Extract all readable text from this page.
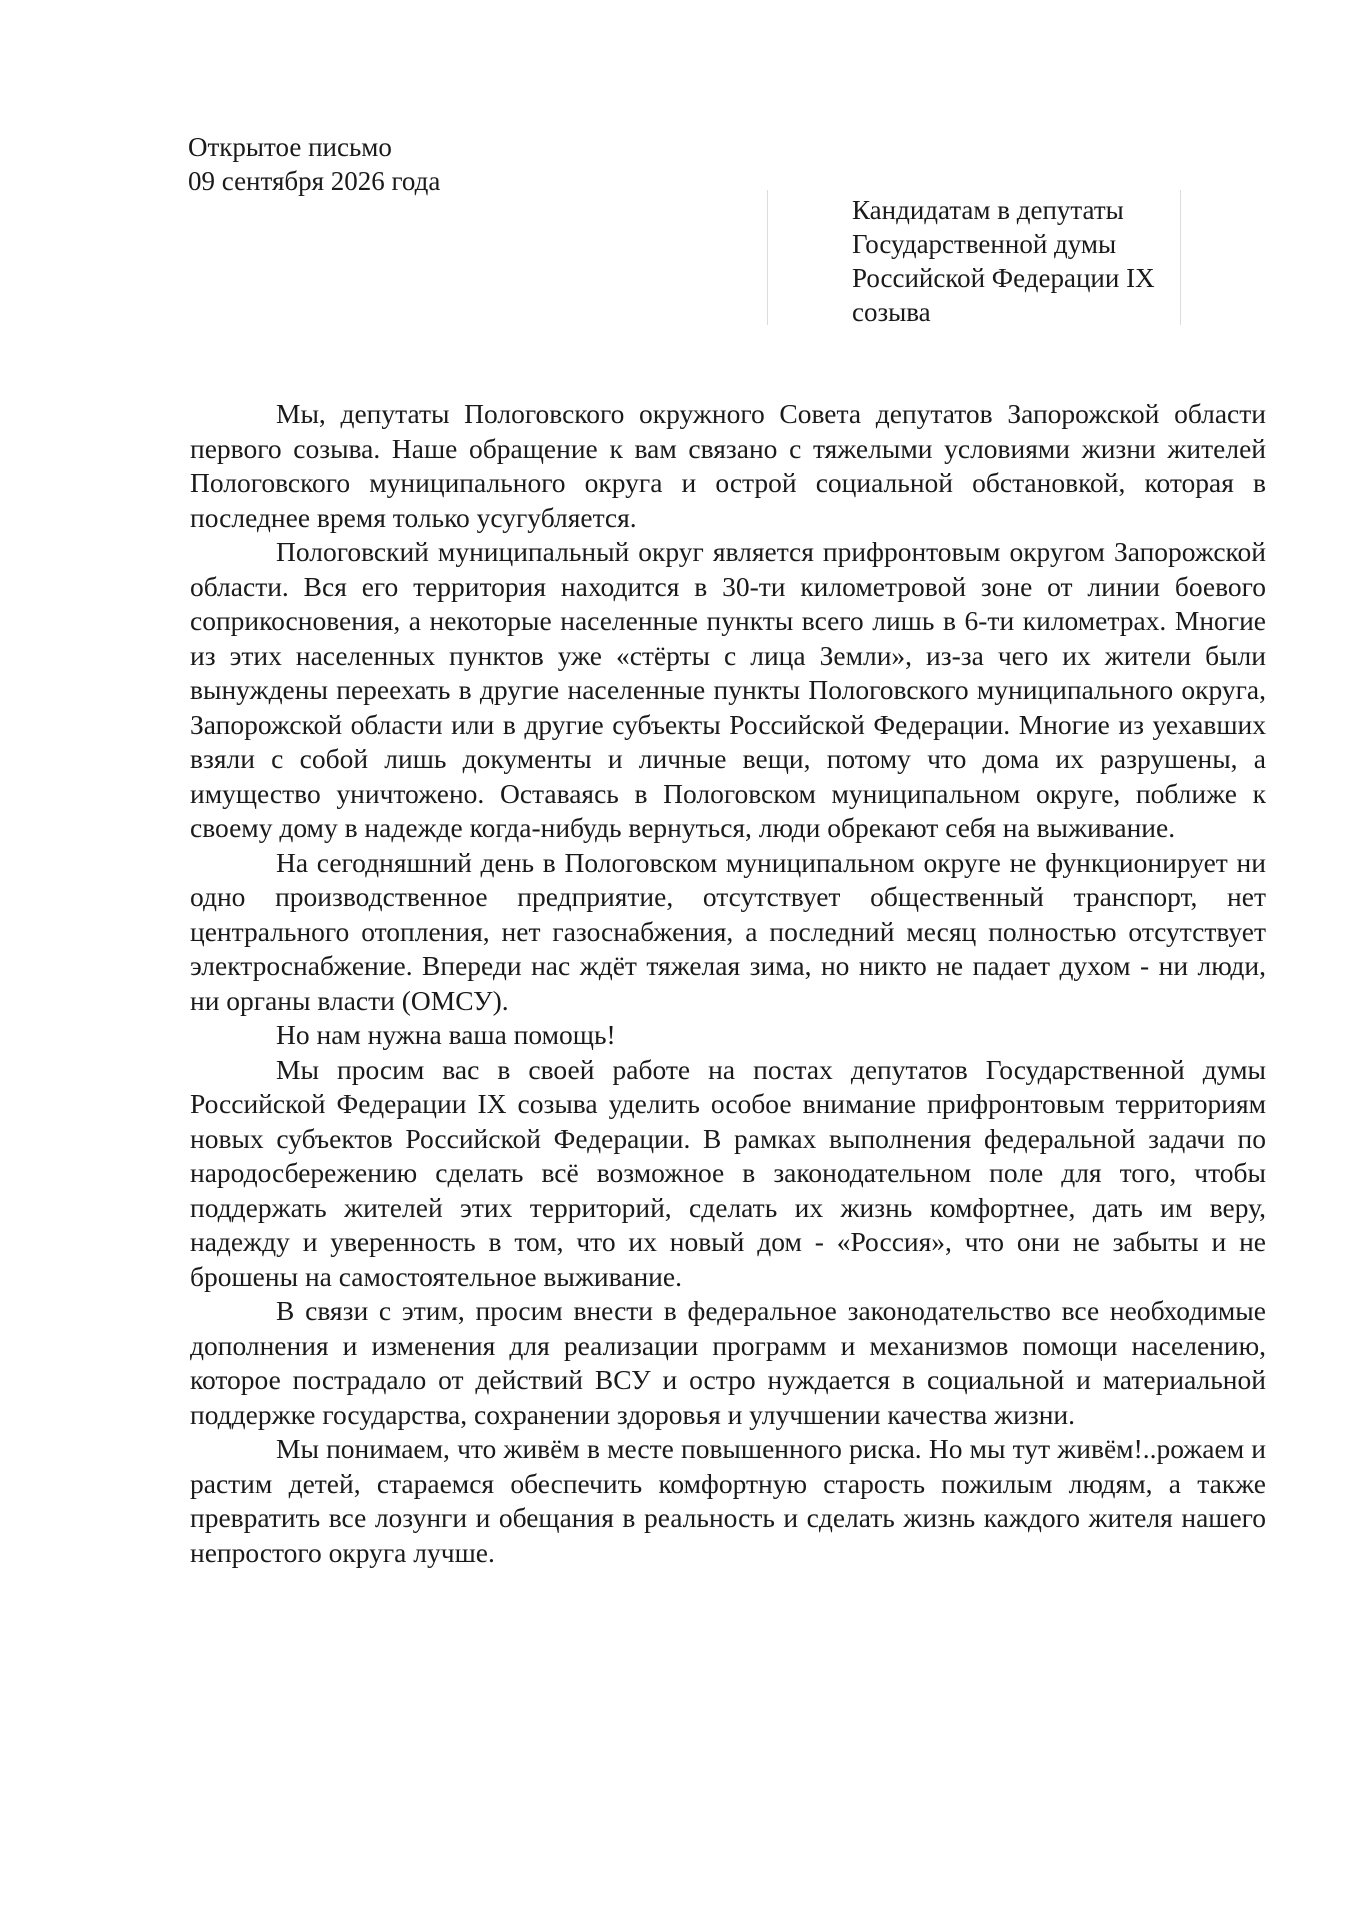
Открытое письмо
09 сентября 2026 года
Кандидатам в депутаты
Государственной думы
Российской Федерации IX
созыва

Мы, депутаты Пологовского окружного Совета депутатов Запорожской области первого созыва. Наше обращение к вам связано с тяжелыми условиями жизни жителей Пологовского муниципального округа и острой социальной обстановкой, которая в последнее время только усугубляется.

Пологовский муниципальный округ является прифронтовым округом Запорожской области. Вся его территория находится в 30-ти километровой зоне от линии боевого соприкосновения, а некоторые населенные пункты всего лишь в 6-ти километрах. Многие из этих населенных пунктов уже «стёрты с лица Земли», из-за чего их жители были вынуждены переехать в другие населенные пункты Пологовского муниципального округа, Запорожской области или в другие субъекты Российской Федерации. Многие из уехавших взяли с собой лишь документы и личные вещи, потому что дома их разрушены, а имущество уничтожено. Оставаясь в Пологовском муниципальном округе, поближе к своему дому в надежде когда-нибудь вернуться, люди обрекают себя на выживание.

На сегодняшний день в Пологовском муниципальном округе не функционирует ни одно производственное предприятие, отсутствует общественный транспорт, нет центрального отопления, нет газоснабжения, а последний месяц полностью отсутствует электроснабжение. Впереди нас ждёт тяжелая зима, но никто не падает духом - ни люди, ни органы власти (ОМСУ).

Но нам нужна ваша помощь!

Мы просим вас в своей работе на постах депутатов Государственной думы Российской Федерации IX созыва уделить особое внимание прифронтовым территориям новых субъектов Российской Федерации. В рамках выполнения федеральной задачи по народосбережению сделать всё возможное в законодательном поле для того, чтобы поддержать жителей этих территорий, сделать их жизнь комфортнее, дать им веру, надежду и уверенность в том, что их новый дом - «Россия», что они не забыты и не брошены на самостоятельное выживание.

В связи с этим, просим внести в федеральное законодательство все необходимые дополнения и изменения для реализации программ и механизмов помощи населению, которое пострадало от действий ВСУ и остро нуждается в социальной и материальной поддержке государства, сохранении здоровья и улучшении качества жизни.

Мы понимаем, что живём в месте повышенного риска. Но мы тут живём!..рожаем и растим детей, стараемся обеспечить комфортную старость пожилым людям, а также превратить все лозунги и обещания в реальность и сделать жизнь каждого жителя нашего непростого округа лучше.
